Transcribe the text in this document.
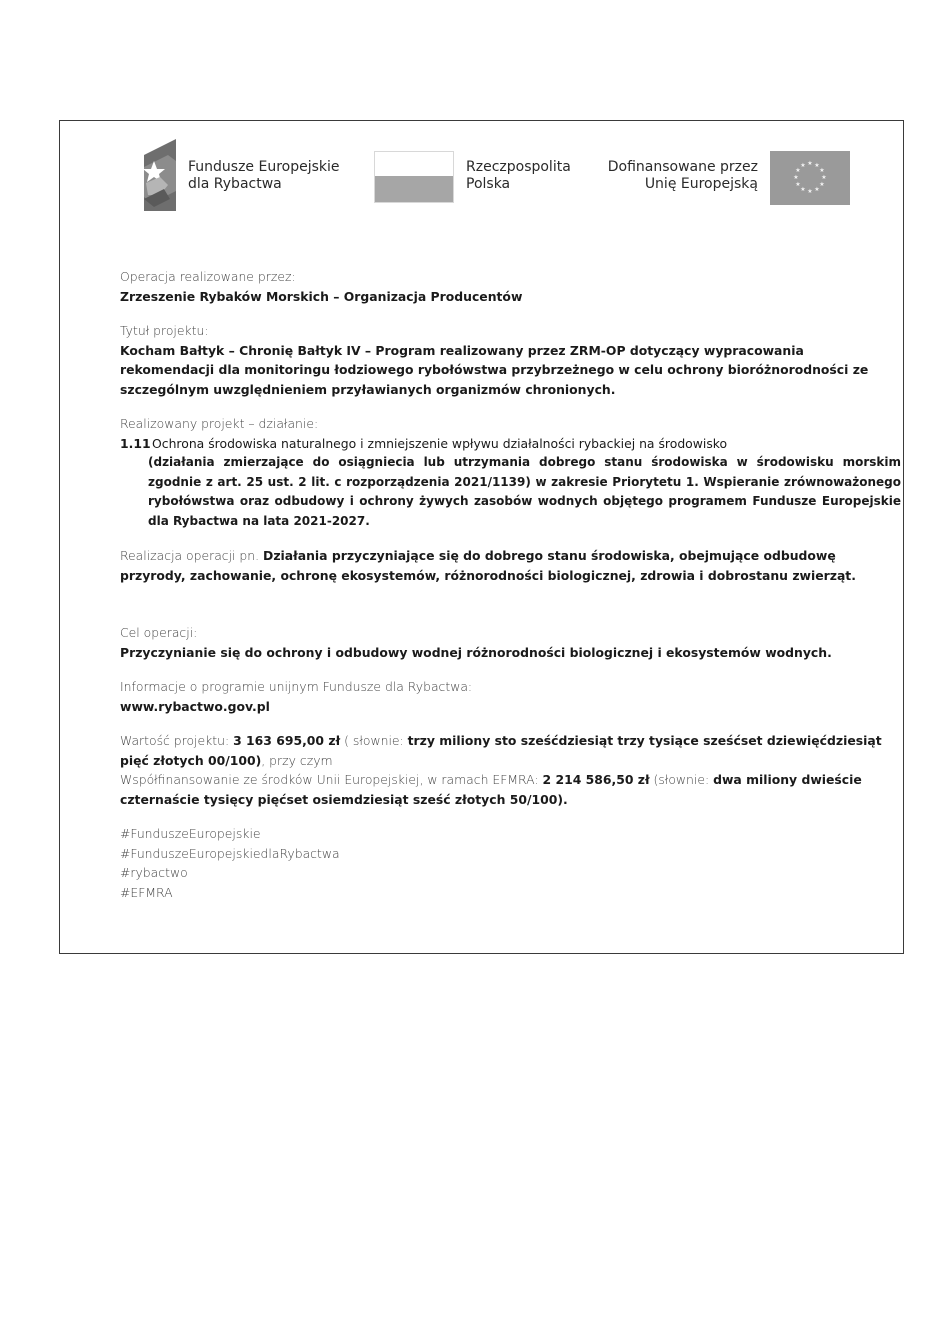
Fundusze Europejskie
dla Rybactwa
Rzeczpospolita
Polska
Dofinansowane przez
Unię Europejską
★ ★
★
★
★
★
★
★
★
★
★
★

Operacja realizowane przez:

Zrzeszenie Rybaków Morskich – Organizacja Producentów

Tytuł projektu:

Kocham Bałtyk – Chronię Bałtyk IV – Program realizowany przez ZRM-OP dotyczący wypracowania rekomendacji dla monitoringu łodziowego rybołówstwa przybrzeżnego w celu ochrony bioróżnorodności ze szczególnym uwzględnieniem przyławianych organizmów chronionych.

Realizowany projekt – działanie:

1.11 Ochrona środowiska naturalnego i zmniejszenie wpływu działalności rybackiej na środowisko

(działania zmierzające do osiągniecia lub utrzymania dobrego stanu środowiska w środowisku morskim zgodnie z art. 25 ust. 2 lit. c rozporządzenia 2021/1139) w zakresie Priorytetu 1. Wspieranie zrównoważonego rybołówstwa oraz odbudowy i ochrony żywych zasobów wodnych objętego programem Fundusze Europejskie dla Rybactwa na lata 2021-2027.

Realizacja operacji pn. Działania przyczyniające się do dobrego stanu środowiska, obejmujące odbudowę przyrody, zachowanie, ochronę ekosystemów, różnorodności biologicznej, zdrowia i dobrostanu zwierząt.

Cel operacji:

Przyczynianie się do ochrony i odbudowy wodnej różnorodności biologicznej i ekosystemów wodnych.

Informacje o programie unijnym Fundusze dla Rybactwa:

www.rybactwo.gov.pl

Wartość projektu: 3 163 695,00 zł ( słownie: trzy miliony sto sześćdziesiąt trzy tysiące sześćset dziewięćdziesiąt pięć złotych 00/100), przy czym

Współfinansowanie ze środków Unii Europejskiej, w ramach EFMRA: 2 214 586,50 zł (słownie: dwa miliony dwieście czternaście tysięcy pięćset osiemdziesiąt sześć złotych 50/100).

#FunduszeEuropejskie

#FunduszeEuropejskiedlaRybactwa

#rybactwo

#EFMRA
